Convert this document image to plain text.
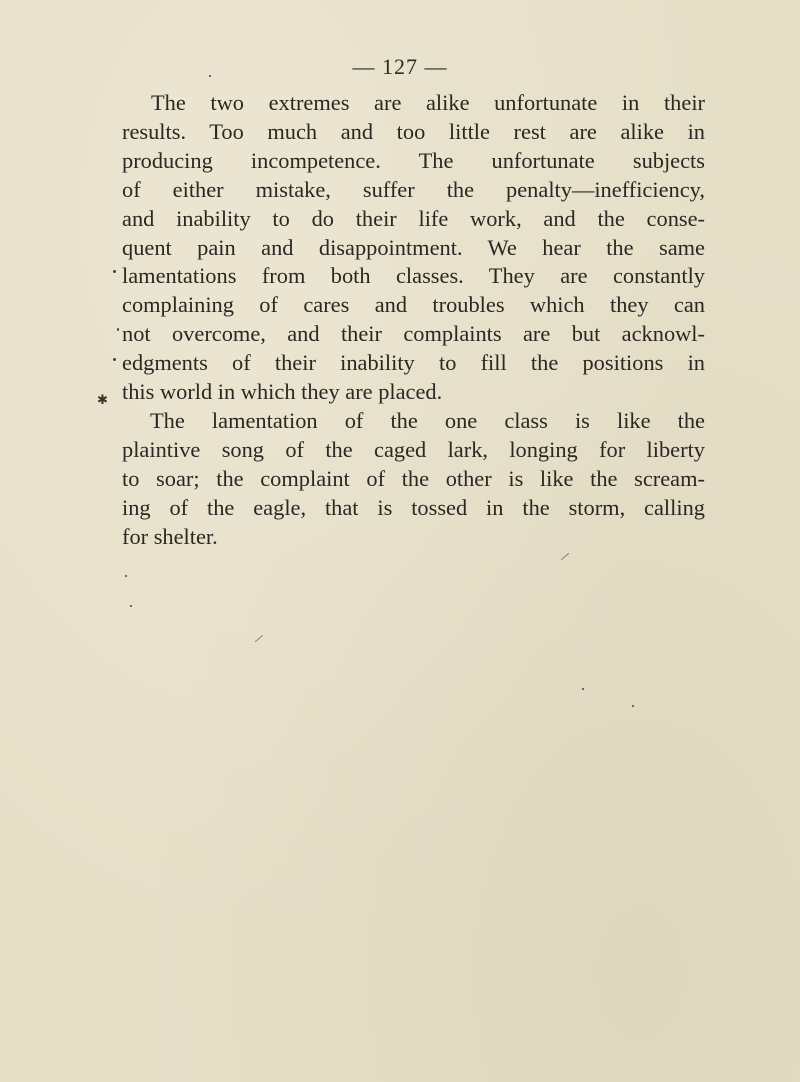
— 127 —
The two extremes are alike unfortunate in their
results. Too much and too little rest are alike in
producing incompetence. The unfortunate subjects
of either mistake, suffer the penalty—inefficiency,
and inability to do their life work, and the conse-
quent pain and disappointment. We hear the same
lamentations from both classes. They are constantly
complaining of cares and troubles which they can
not overcome, and their complaints are but acknowl-
edgments of their inability to fill the positions in
this world in which they are placed.
The lamentation of the one class is like the
plaintive song of the caged lark, longing for liberty
to soar; the complaint of the other is like the scream-
ing of the eagle, that is tossed in the storm, calling
for shelter.
✱
